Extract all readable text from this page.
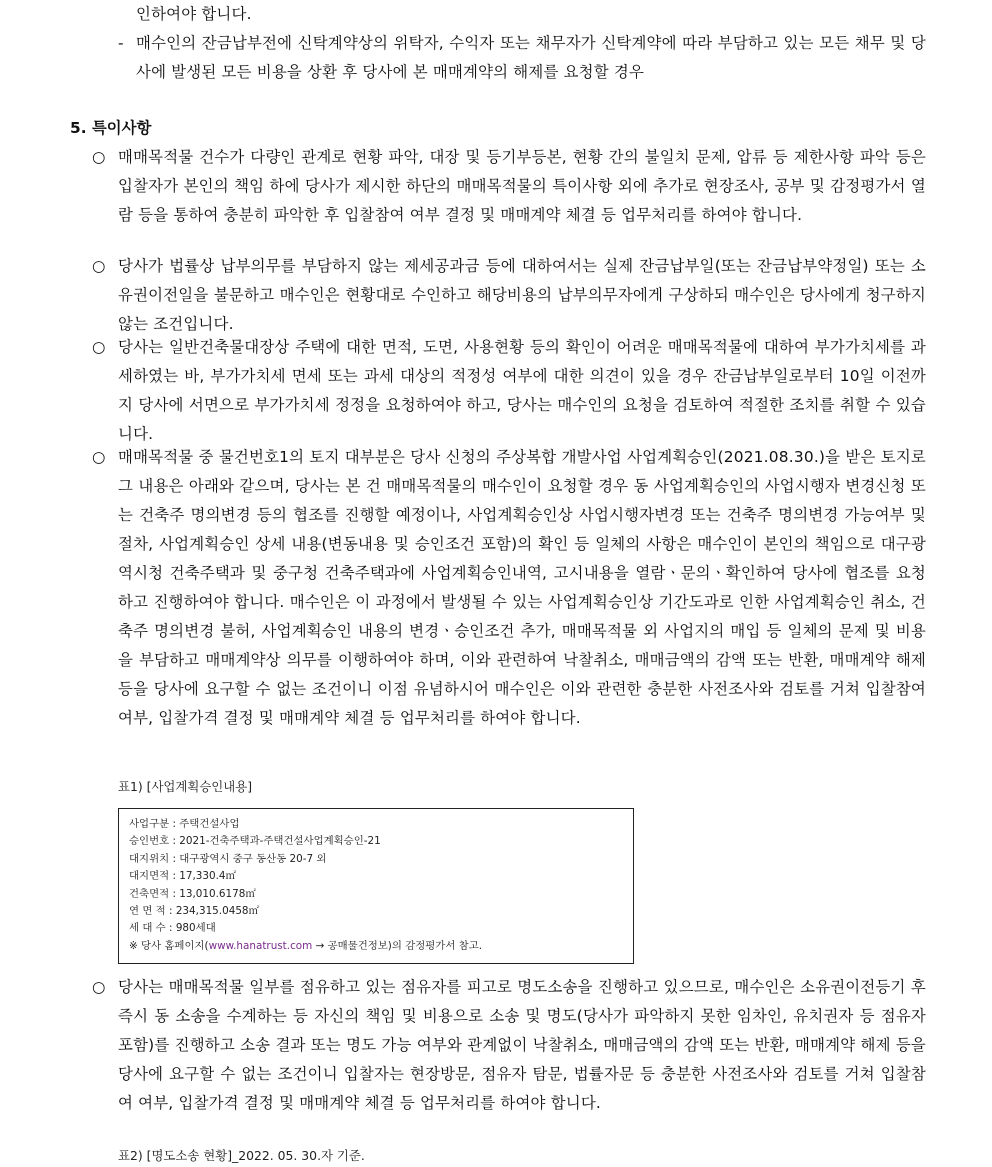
인하여야 합니다.
- 매수인의 잔금납부전에 신탁계약상의 위탁자, 수익자 또는 채무자가 신탁계약에 따라 부담하고 있는 모든 채무 및 당사에 발생된 모든 비용을 상환 후 당사에 본 매매계약의 해제를 요청할 경우
5. 특이사항
○ 매매목적물 건수가 다량인 관계로 현황 파악, 대장 및 등기부등본, 현황 간의 불일치 문제, 압류 등 제한사항 파악 등은 입찰자가 본인의 책임 하에 당사가 제시한 하단의 매매목적물의 특이사항 외에 추가로 현장조사, 공부 및 감정평가서 열람 등을 통하여 충분히 파악한 후 입찰참여 여부 결정 및 매매계약 체결 등 업무처리를 하여야 합니다.
○ 당사가 법률상 납부의무를 부담하지 않는 제세공과금 등에 대하여서는 실제 잔금납부일(또는 잔금납부약정일) 또는 소유권이전일을 불문하고 매수인은 현황대로 수인하고 해당비용의 납부의무자에게 구상하되 매수인은 당사에게 청구하지 않는 조건입니다.
○ 당사는 일반건축물대장상 주택에 대한 면적, 도면, 사용현황 등의 확인이 어려운 매매목적물에 대하여 부가가치세를 과세하였는 바, 부가가치세 면세 또는 과세 대상의 적정성 여부에 대한 의견이 있을 경우 잔금납부일로부터 10일 이전까지 당사에 서면으로 부가가치세 정정을 요청하여야 하고, 당사는 매수인의 요청을 검토하여 적절한 조치를 취할 수 있습니다.
○ 매매목적물 중 물건번호1의 토지 대부분은 당사 신청의 주상복합 개발사업 사업계획승인(2021.08.30.)을 받은 토지로 그 내용은 아래와 같으며, 당사는 본 건 매매목적물의 매수인이 요청할 경우 동 사업계획승인의 사업시행자 변경신청 또는 건축주 명의변경 등의 협조를 진행할 예정이나, 사업계획승인상 사업시행자변경 또는 건축주 명의변경 가능여부 및 절차, 사업계획승인 상세 내용(변동내용 및 승인조건 포함)의 확인 등 일체의 사항은 매수인이 본인의 책임으로 대구광역시청 건축주택과 및 중구청 건축주택과에 사업계획승인내역, 고시내용을 열람ㆍ문의ㆍ확인하여 당사에 협조를 요청하고 진행하여야 합니다. 매수인은 이 과정에서 발생될 수 있는 사업계획승인상 기간도과로 인한 사업계획승인 취소, 건축주 명의변경 불허, 사업계획승인 내용의 변경ㆍ승인조건 추가, 매매목적물 외 사업지의 매입 등 일체의 문제 및 비용을 부담하고 매매계약상 의무를 이행하여야 하며, 이와 관련하여 낙찰취소, 매매금액의 감액 또는 반환, 매매계약 해제 등을 당사에 요구할 수 없는 조건이니 이점 유념하시어 매수인은 이와 관련한 충분한 사전조사와 검토를 거쳐 입찰참여 여부, 입찰가격 결정 및 매매계약 체결 등 업무처리를 하여야 합니다.
표1) [사업계획승인내용]
사업구분 : 주택건설사업
승인번호 : 2021-건축주택과-주택건설사업계획승인-21
대지위치 : 대구광역시 중구 동산동 20-7 외
대지면적 : 17,330.4㎡
건축면적 : 13,010.6178㎡
연 면 적 : 234,315.0458㎡
세 대 수 : 980세대
※ 당사 홈페이지(www.hanatrust.com → 공매물건정보)의 감정평가서 참고.
○ 당사는 매매목적물 일부를 점유하고 있는 점유자를 피고로 명도소송을 진행하고 있으므로, 매수인은 소유권이전등기 후 즉시 동 소송을 수계하는 등 자신의 책임 및 비용으로 소송 및 명도(당사가 파악하지 못한 임차인, 유치권자 등 점유자 포함)를 진행하고 소송 결과 또는 명도 가능 여부와 관계없이 낙찰취소, 매매금액의 감액 또는 반환, 매매계약 해제 등을 당사에 요구할 수 없는 조건이니 입찰자는 현장방문, 점유자 탐문, 법률자문 등 충분한 사전조사와 검토를 거쳐 입찰참여 여부, 입찰가격 결정 및 매매계약 체결 등 업무처리를 하여야 합니다.
표2) [명도소송 현황]_2022. 05. 30.자 기준.
